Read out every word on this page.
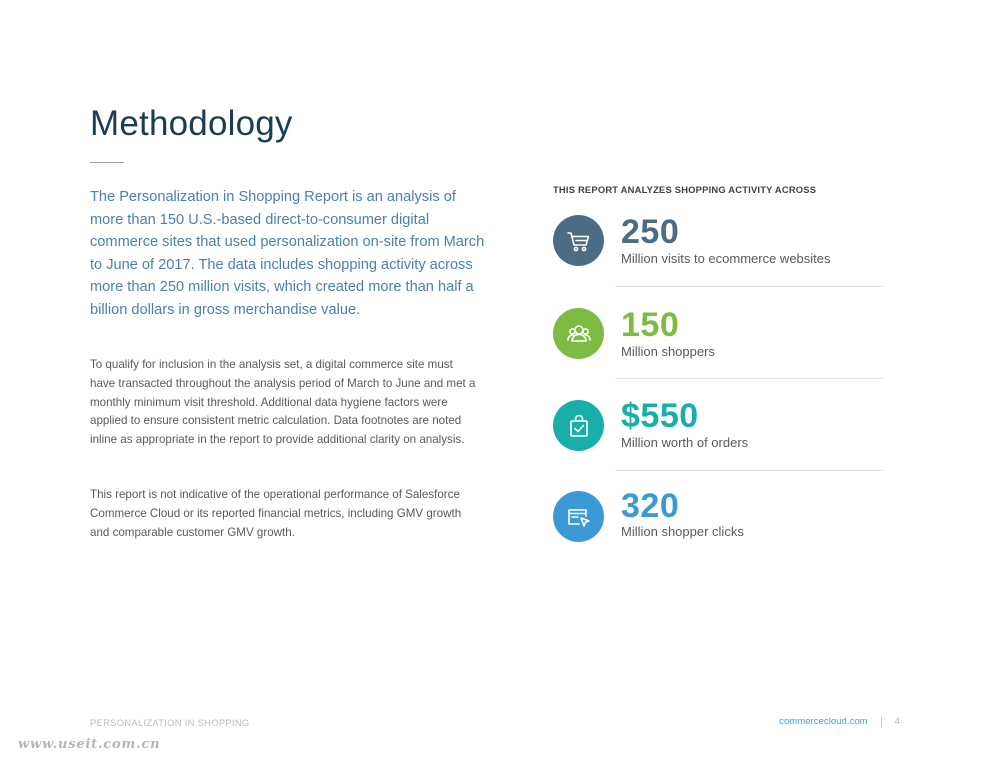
Methodology

The Personalization in Shopping Report is an analysis of more than 150 U.S.-based direct-to-consumer digital commerce sites that used personalization on-site from March to June of 2017. The data includes shopping activity across more than 250 million visits, which created more than half a billion dollars in gross merchandise value.

To qualify for inclusion in the analysis set, a digital commerce site must have transacted throughout the analysis period of March to June and met a monthly minimum visit threshold. Additional data hygiene factors were applied to ensure consistent metric calculation. Data footnotes are noted inline as appropriate in the report to provide additional clarity on analysis.

This report is not indicative of the operational performance of Salesforce Commerce Cloud or its reported financial metrics, including GMV growth and comparable customer GMV growth.

THIS REPORT ANALYZES SHOPPING ACTIVITY ACROSS
250
Million visits to ecommerce websites
150
Million shoppers
$550
Million worth of orders
320
Million shopper clicks
PERSONALIZATION IN SHOPPING	commercecloud.com	4
www.useit.com.cn
